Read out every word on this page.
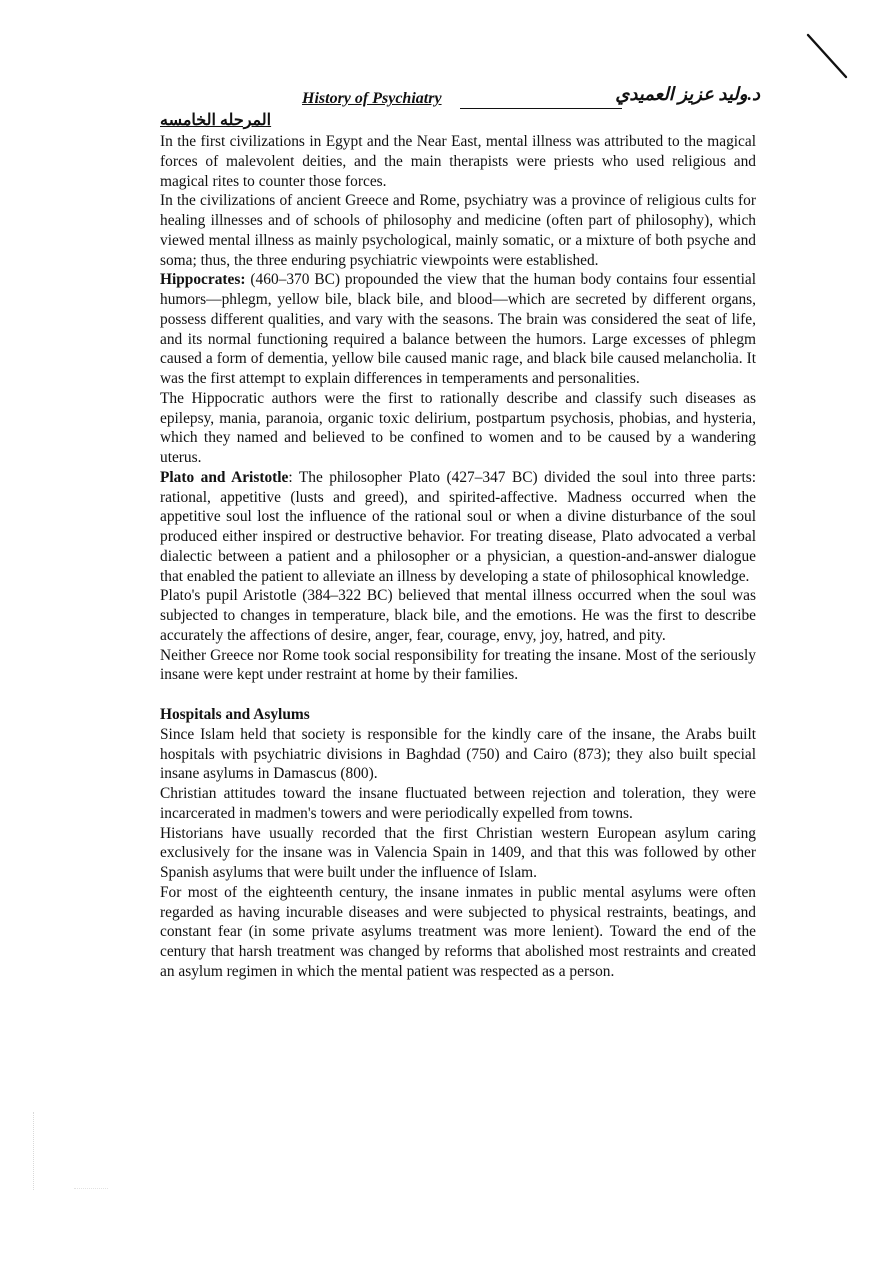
History of Psychiatry	د.وليد عزيز العميدي
المرحله الخامسه

In the first civilizations in Egypt and the Near East, mental illness was attributed to the magical forces of malevolent deities, and the main therapists were priests who used religious and magical rites to counter those forces.

In the civilizations of ancient Greece and Rome, psychiatry was a province of religious cults for healing illnesses and of schools of philosophy and medicine (often part of philosophy), which viewed mental illness as mainly psychological, mainly somatic, or a mixture of both psyche and soma; thus, the three enduring psychiatric viewpoints were established.

Hippocrates: (460–370 BC) propounded the view that the human body contains four essential humors—phlegm, yellow bile, black bile, and blood—which are secreted by different organs, possess different qualities, and vary with the seasons. The brain was considered the seat of life, and its normal functioning required a balance between the humors. Large excesses of phlegm caused a form of dementia, yellow bile caused manic rage, and black bile caused melancholia. It was the first attempt to explain differences in temperaments and personalities.

The Hippocratic authors were the first to rationally describe and classify such diseases as epilepsy, mania, paranoia, organic toxic delirium, postpartum psychosis, phobias, and hysteria, which they named and believed to be confined to women and to be caused by a wandering uterus.

Plato and Aristotle: The philosopher Plato (427–347 BC) divided the soul into three parts: rational, appetitive (lusts and greed), and spirited-affective. Madness occurred when the appetitive soul lost the influence of the rational soul or when a divine disturbance of the soul produced either inspired or destructive behavior. For treating disease, Plato advocated a verbal dialectic between a patient and a philosopher or a physician, a question-and-answer dialogue that enabled the patient to alleviate an illness by developing a state of philosophical knowledge.

Plato's pupil Aristotle (384–322 BC) believed that mental illness occurred when the soul was subjected to changes in temperature, black bile, and the emotions. He was the first to describe accurately the affections of desire, anger, fear, courage, envy, joy, hatred, and pity.

Neither Greece nor Rome took social responsibility for treating the insane. Most of the seriously insane were kept under restraint at home by their families.

Hospitals and Asylums

Since Islam held that society is responsible for the kindly care of the insane, the Arabs built hospitals with psychiatric divisions in Baghdad (750) and Cairo (873); they also built special insane asylums in Damascus (800).

Christian attitudes toward the insane fluctuated between rejection and toleration, they were incarcerated in madmen's towers and were periodically expelled from towns.

Historians have usually recorded that the first Christian western European asylum caring exclusively for the insane was in Valencia Spain in 1409, and that this was followed by other Spanish asylums that were built under the influence of Islam.

For most of the eighteenth century, the insane inmates in public mental asylums were often regarded as having incurable diseases and were subjected to physical restraints, beatings, and constant fear (in some private asylums treatment was more lenient). Toward the end of the century that harsh treatment was changed by reforms that abolished most restraints and created an asylum regimen in which the mental patient was respected as a person.
